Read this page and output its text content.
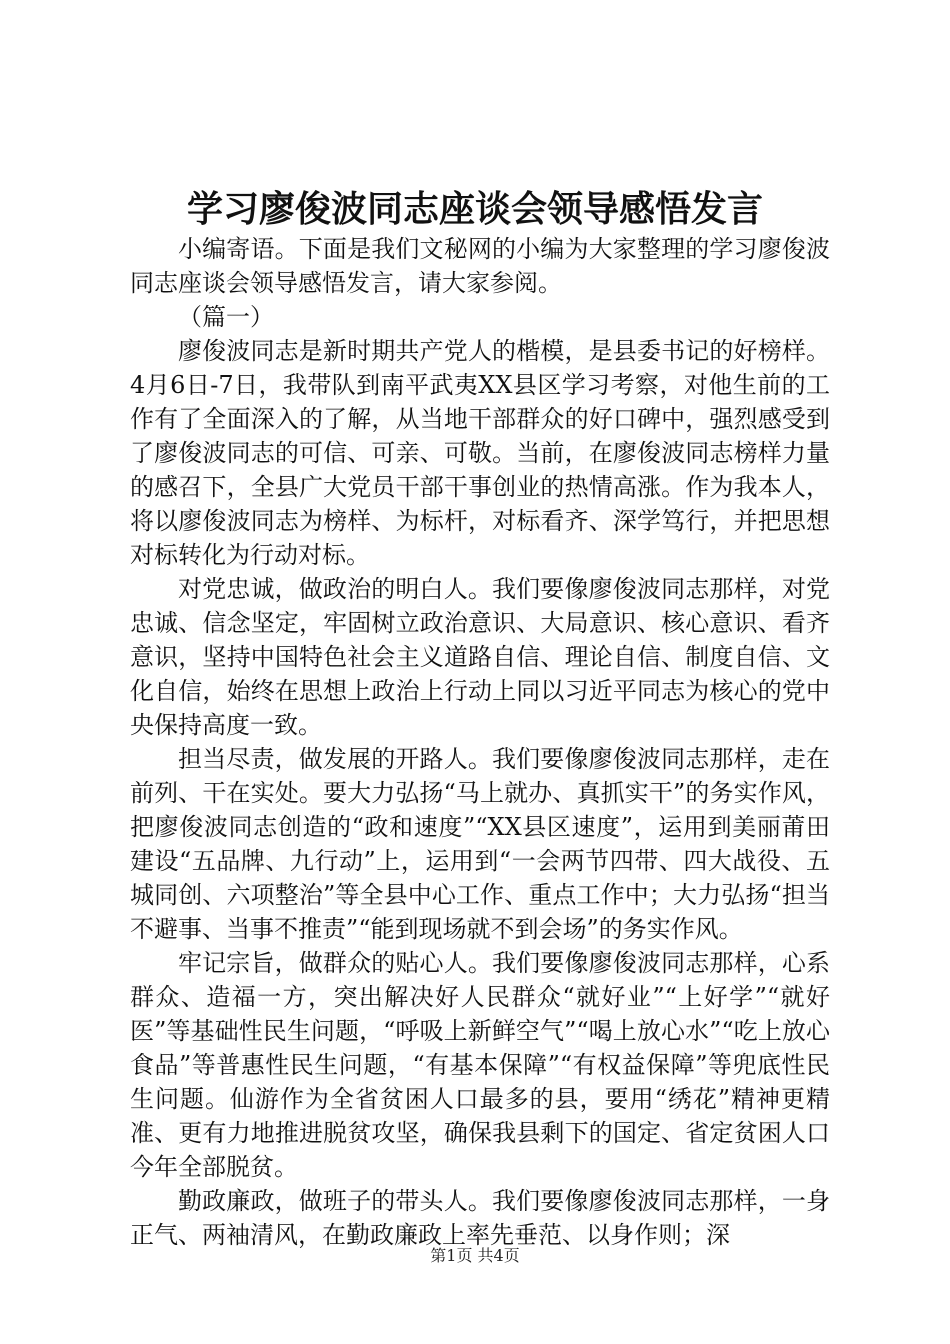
学习廖俊波同志座谈会领导感悟发言

小编寄语。下面是我们文秘网的小编为大家整理的学习廖俊波同志座谈会领导感悟发言，请大家参阅。

（篇一）

廖俊波同志是新时期共产党人的楷模，是县委书记的好榜样。4月6日-7日，我带队到南平武夷XX县区学习考察，对他生前的工作有了全面深入的了解，从当地干部群众的好口碑中，强烈感受到了廖俊波同志的可信、可亲、可敬。当前，在廖俊波同志榜样力量的感召下，全县广大党员干部干事创业的热情高涨。作为我本人，将以廖俊波同志为榜样、为标杆，对标看齐、深学笃行，并把思想对标转化为行动对标。

对党忠诚，做政治的明白人。我们要像廖俊波同志那样，对党忠诚、信念坚定，牢固树立政治意识、大局意识、核心意识、看齐意识，坚持中国特色社会主义道路自信、理论自信、制度自信、文化自信，始终在思想上政治上行动上同以习近平同志为核心的党中央保持高度一致。

担当尽责，做发展的开路人。我们要像廖俊波同志那样，走在前列、干在实处。要大力弘扬“马上就办、真抓实干”的务实作风，把廖俊波同志创造的“政和速度”“XX县区速度”，运用到美丽莆田建设“五品牌、九行动”上，运用到“一会两节四带、四大战役、五城同创、六项整治”等全县中心工作、重点工作中；大力弘扬“担当不避事、当事不推责”“能到现场就不到会场”的务实作风。

牢记宗旨，做群众的贴心人。我们要像廖俊波同志那样，心系群众、造福一方，突出解决好人民群众“就好业”“上好学”“就好医”等基础性民生问题，“呼吸上新鲜空气”“喝上放心水”“吃上放心食品”等普惠性民生问题，“有基本保障”“有权益保障”等兜底性民生问题。仙游作为全省贫困人口最多的县，要用“绣花”精神更精准、更有力地推进脱贫攻坚，确保我县剩下的国定、省定贫困人口今年全部脱贫。

勤政廉政，做班子的带头人。我们要像廖俊波同志那样，一身正气、两袖清风，在勤政廉政上率先垂范、以身作则；深

第1页 共4页
